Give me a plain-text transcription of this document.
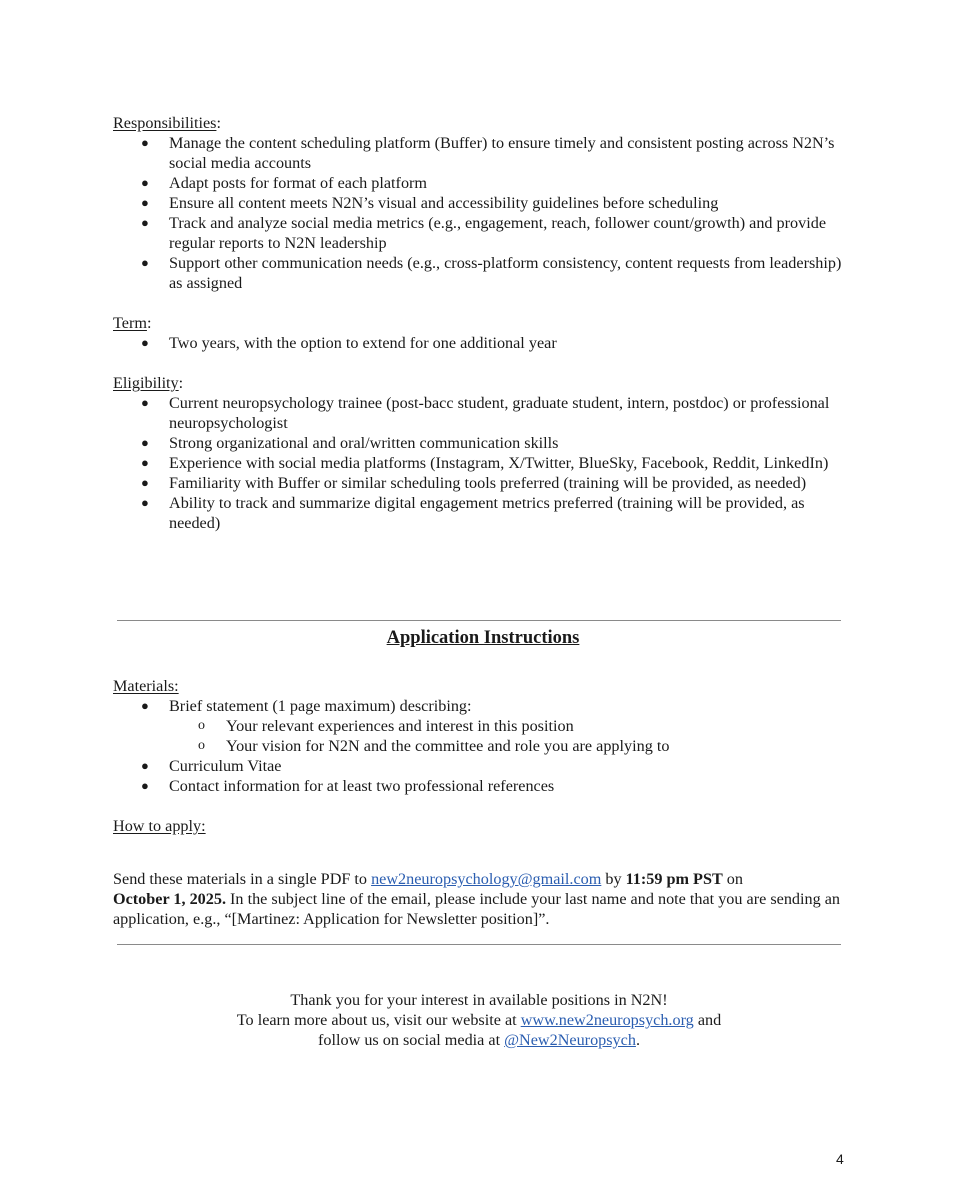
Responsibilities:
● Manage the content scheduling platform (Buffer) to ensure timely and consistent posting across N2N’s social media accounts
● Adapt posts for format of each platform
● Ensure all content meets N2N’s visual and accessibility guidelines before scheduling
● Track and analyze social media metrics (e.g., engagement, reach, follower count/growth) and provide regular reports to N2N leadership
● Support other communication needs (e.g., cross-platform consistency, content requests from leadership) as assigned
Term:
● Two years, with the option to extend for one additional year
Eligibility:
● Current neuropsychology trainee (post-bacc student, graduate student, intern, postdoc) or professional neuropsychologist
● Strong organizational and oral/written communication skills
● Experience with social media platforms (Instagram, X/Twitter, BlueSky, Facebook, Reddit, LinkedIn)
● Familiarity with Buffer or similar scheduling tools preferred (training will be provided, as needed)
● Ability to track and summarize digital engagement metrics preferred (training will be provided, as needed)
Application Instructions
Materials:
● Brief statement (1 page maximum) describing:
o Your relevant experiences and interest in this position
o Your vision for N2N and the committee and role you are applying to
● Curriculum Vitae
● Contact information for at least two professional references
How to apply:
Send these materials in a single PDF to new2neuropsychology@gmail.com by 11:59 pm PST on
October 1, 2025. In the subject line of the email, please include your last name and note that you are sending an application, e.g., “[Martinez: Application for Newsletter position]”.
Thank you for your interest in available positions in N2N!
To learn more about us, visit our website at www.new2neuropsych.org and
follow us on social media at @New2Neuropsych.
4
